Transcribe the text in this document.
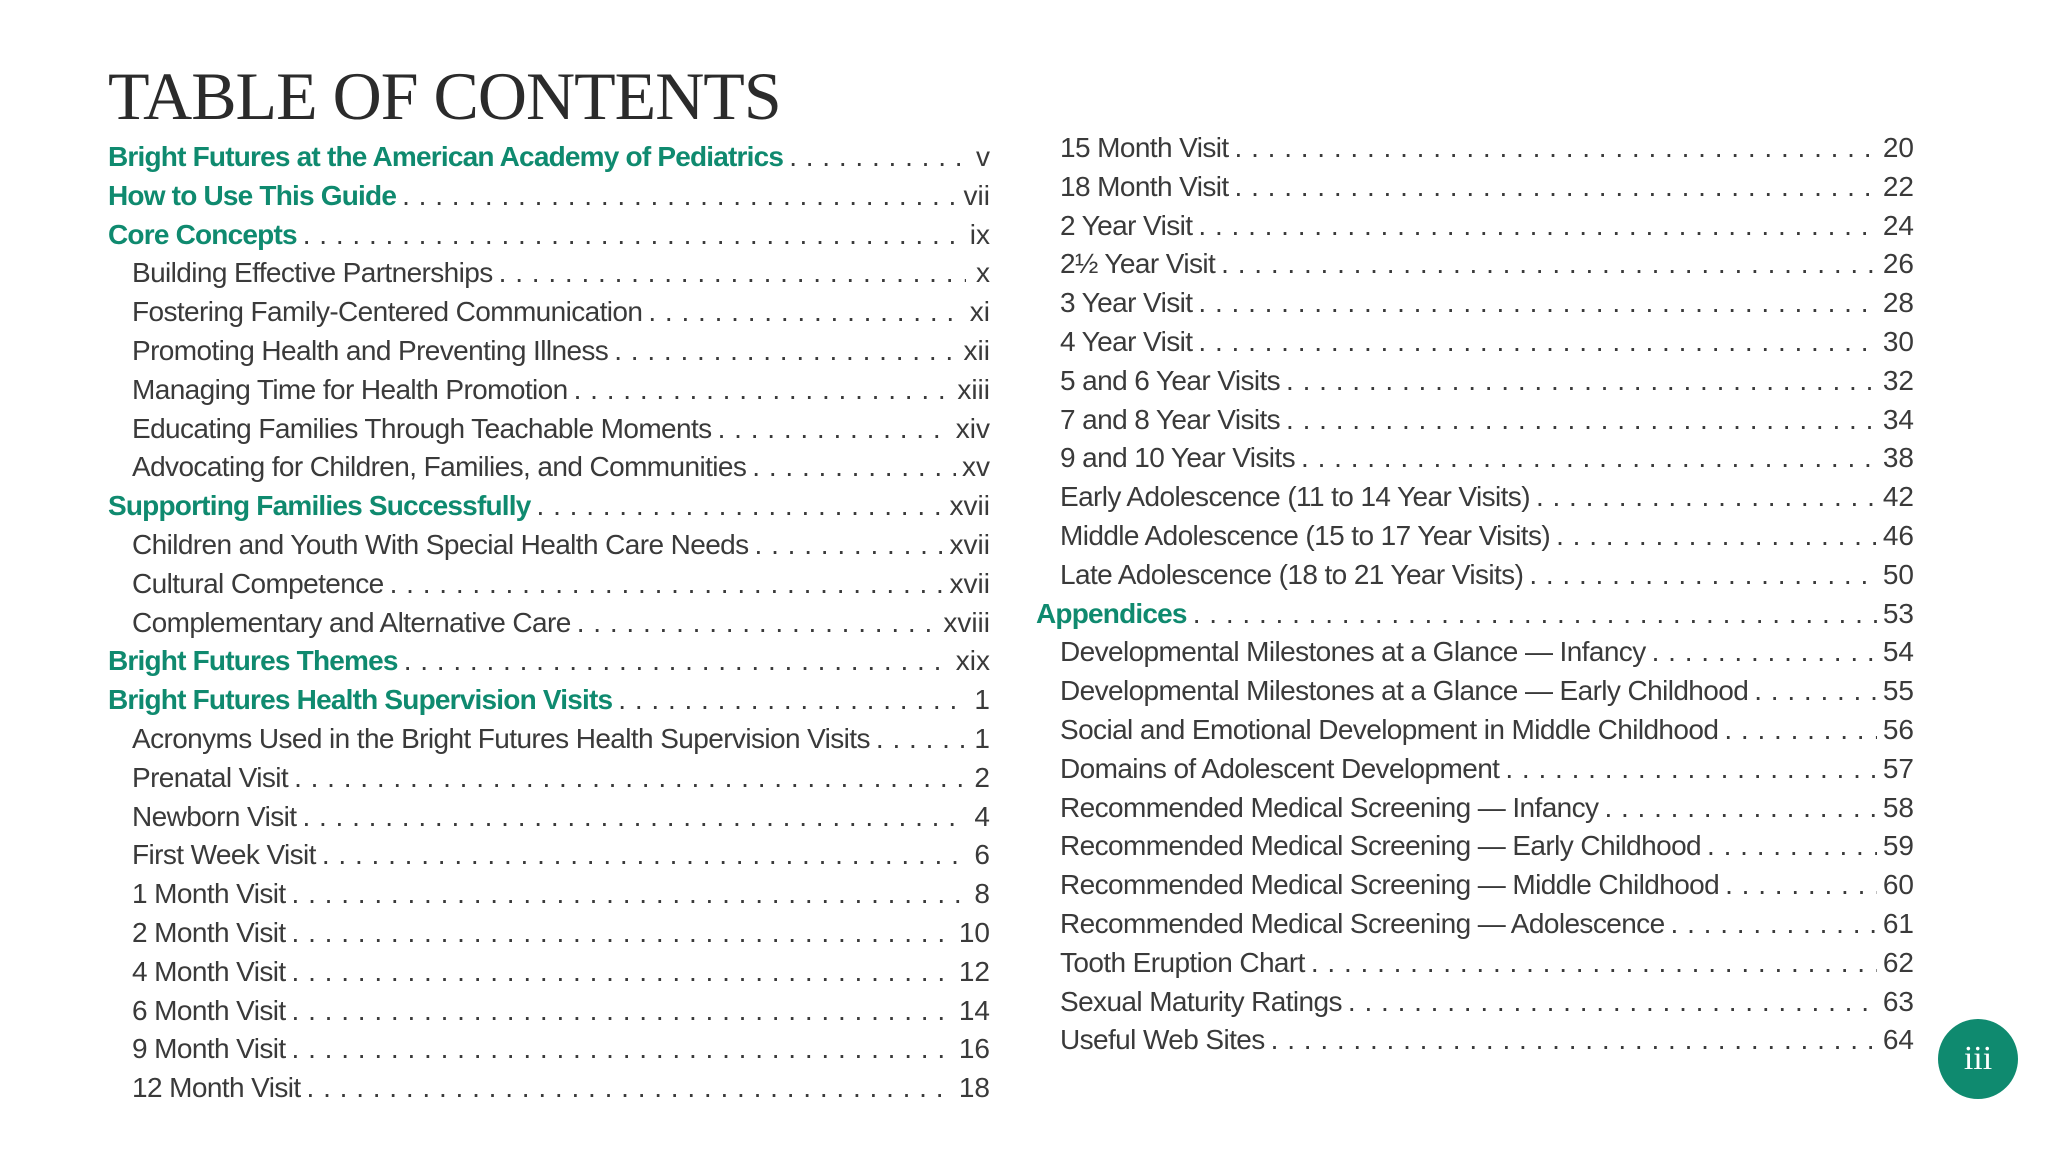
TABLE OF CONTENTS
Bright Futures at the American Academy of Pediatrics . . .	v
How to Use This Guide . . .	vii
Core Concepts . . .	ix
Building Effective Partnerships . . .	x
Fostering Family-Centered Communication . . .	xi
Promoting Health and Preventing Illness . . .	xii
Managing Time for Health Promotion . . .	xiii
Educating Families Through Teachable Moments . . .	xiv
Advocating for Children, Families, and Communities . . .	xv
Supporting Families Successfully . . .	xvii
Children and Youth With Special Health Care Needs . . .	xvii
Cultural Competence . . .	xvii
Complementary and Alternative Care . . .	xviii
Bright Futures Themes . . .	xix
Bright Futures Health Supervision Visits . . .	1
Acronyms Used in the Bright Futures Health Supervision Visits . . .	1
Prenatal Visit . . .	2
Newborn Visit . . .	4
First Week Visit . . .	6
1 Month Visit . . .	8
2 Month Visit . . .	10
4 Month Visit . . .	12
6 Month Visit . . .	14
9 Month Visit . . .	16
12 Month Visit . . .	18
15 Month Visit . . .	20
18 Month Visit . . .	22
2 Year Visit . . .	24
2½ Year Visit . . .	26
3 Year Visit . . .	28
4 Year Visit . . .	30
5 and 6 Year Visits . . .	32
7 and 8 Year Visits . . .	34
9 and 10 Year Visits . . .	38
Early Adolescence (11 to 14 Year Visits) . . .	42
Middle Adolescence (15 to 17 Year Visits) . . .	46
Late Adolescence (18 to 21 Year Visits) . . .	50
Appendices . . .	53
Developmental Milestones at a Glance — Infancy . . .	54
Developmental Milestones at a Glance — Early Childhood . . .	55
Social and Emotional Development in Middle Childhood . . .	56
Domains of Adolescent Development . . .	57
Recommended Medical Screening — Infancy . . .	58
Recommended Medical Screening — Early Childhood . . .	59
Recommended Medical Screening — Middle Childhood . . .	60
Recommended Medical Screening — Adolescence . . .	61
Tooth Eruption Chart . . .	62
Sexual Maturity Ratings . . .	63
Useful Web Sites . . .	64
iii
